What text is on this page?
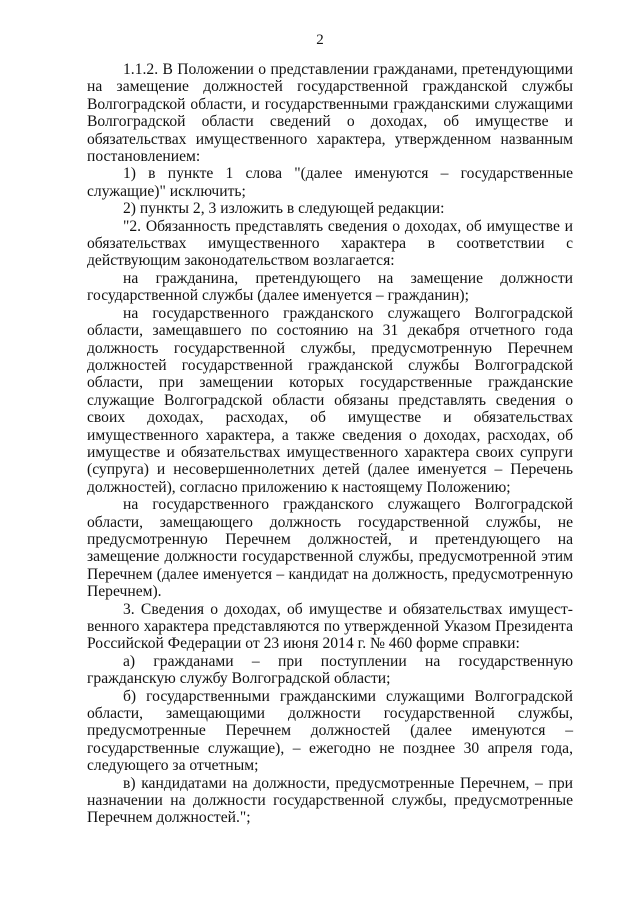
2

1.1.2. В Положении о представлении гражданами, претендующими на замещение должностей государственной гражданской службы Волгоградской области, и государственными гражданскими служащими Волгоградской области сведений о доходах, об имуществе и обязательствах имущественного характера, утвержденном названным постановлением:

1) в пункте 1 слова "(далее именуются – государственные служащие)" исключить;

2) пункты 2, 3 изложить в следующей редакции:

"2. Обязанность представлять сведения о доходах, об имуществе и обязательствах имущественного характера в соответствии с действующим законодательством возлагается:

на гражданина, претендующего на замещение должности государственной службы (далее именуется – гражданин);

на государственного гражданского служащего Волгоградской области, замещавшего по состоянию на 31 декабря отчетного года должность государственной службы, предусмотренную Перечнем должностей государственной гражданской службы Волгоградской области, при замещении которых государственные гражданские служащие Волгоградской области обязаны представлять сведения о своих доходах, расходах, об имуществе и обязательствах имущественного характера, а также сведения о доходах, расходах, об имуществе и обязательствах имущественного характера своих супруги (супруга) и несовершеннолетних детей (далее именуется – Перечень должностей), согласно приложению к настоящему Положению;

на государственного гражданского служащего Волгоградской области, замещающего должность государственной службы, не предусмотренную Перечнем должностей, и претендующего на замещение должности государственной службы, предусмотренной этим Перечнем (далее именуется – кандидат на должность, предусмотренную Перечнем).

3. Сведения о доходах, об имуществе и обязательствах имущественного характера представляются по утвержденной Указом Президента Российской Федерации от 23 июня 2014 г. № 460 форме справки:

а) гражданами – при поступлении на государственную гражданскую службу Волгоградской области;

б) государственными гражданскими служащими Волгоградской области, замещающими должности государственной службы, предусмотренные Перечнем должностей (далее именуются – государственные служащие), – ежегодно не позднее 30 апреля года, следующего за отчетным;

в) кандидатами на должности, предусмотренные Перечнем, – при назначении на должности государственной службы, предусмотренные Перечнем должностей.";
